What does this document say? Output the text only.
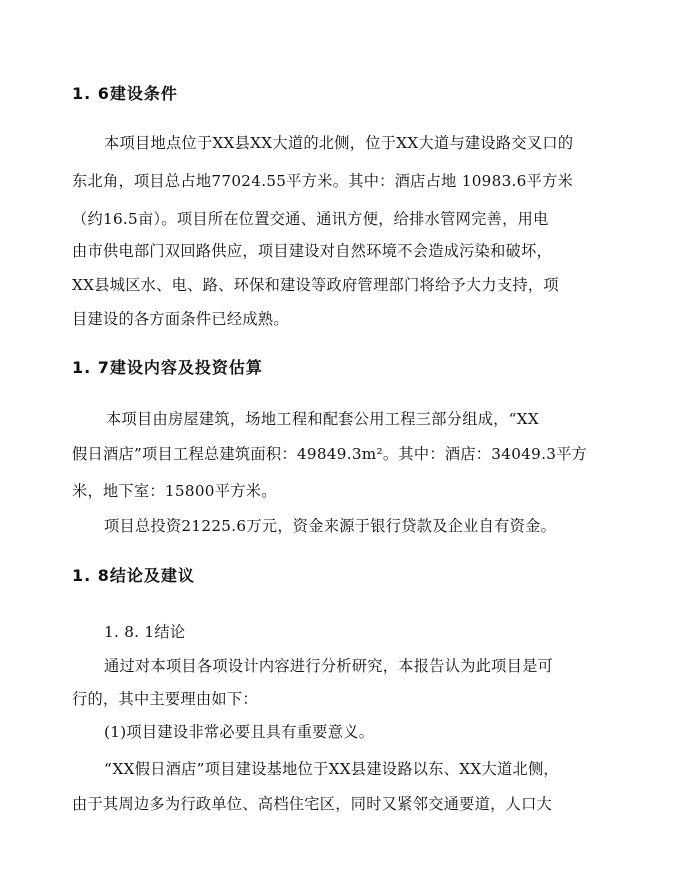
1. 6建设条件
本项目地点位于XX县XX大道的北侧，位于XX大道与建设路交叉口的
东北角，项目总占地77024.55平方米。其中：酒店占地 10983.6平方米
（约16.5亩）。项目所在位置交通、通讯方便，给排水管网完善，用电
由市供电部门双回路供应，项目建设对自然环境不会造成污染和破坏，
XX县城区水、电、路、环保和建设等政府管理部门将给予大力支持，项
目建设的各方面条件已经成熟。
1. 7建设内容及投资估算
本项目由房屋建筑，场地工程和配套公用工程三部分组成，“XX
假日酒店”项目工程总建筑面积：49849.3m²。其中：酒店：34049.3平方
米，地下室：15800平方米。
项目总投资21225.6万元，资金来源于银行贷款及企业自有资金。
1. 8结论及建议
1. 8. 1结论
通过对本项目各项设计内容进行分析研究，本报告认为此项目是可
行的，其中主要理由如下：
(1)项目建设非常必要且具有重要意义。
“XX假日酒店”项目建设基地位于XX县建设路以东、XX大道北侧，
由于其周边多为行政单位、高档住宅区，同时又紧邻交通要道，人口大
